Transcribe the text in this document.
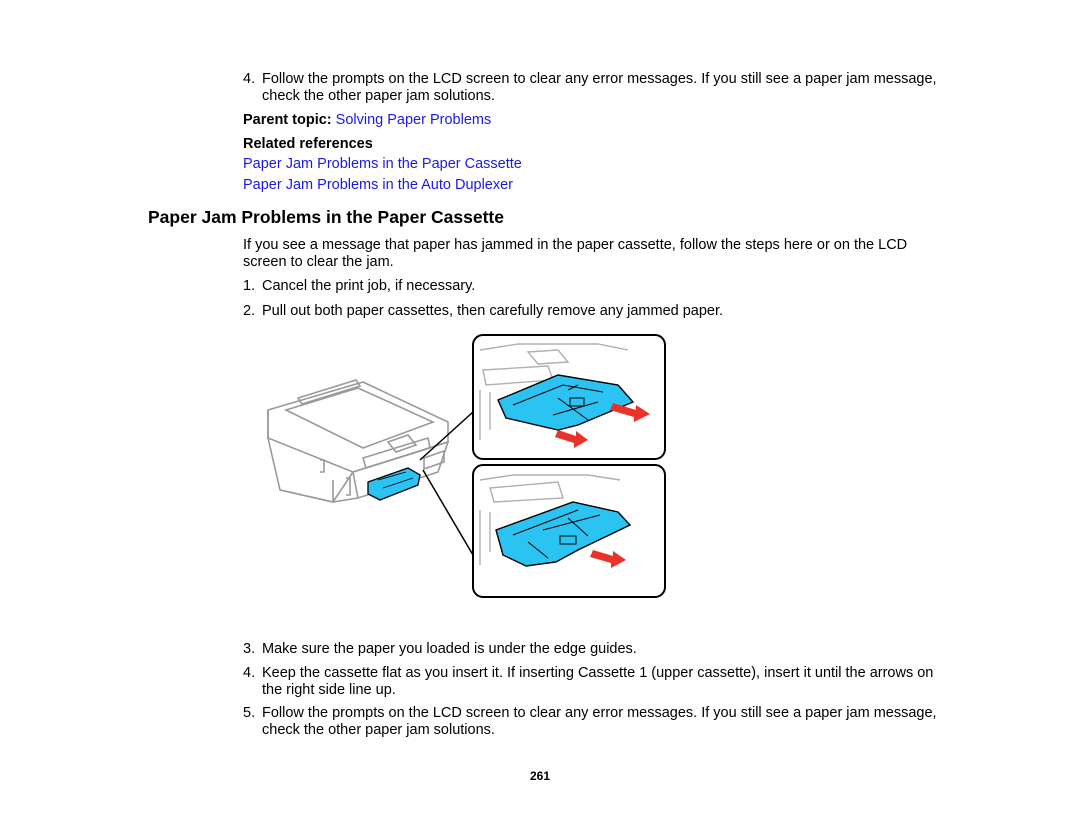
4. Follow the prompts on the LCD screen to clear any error messages. If you still see a paper jam message, check the other paper jam solutions.
Parent topic: Solving Paper Problems
Related references
Paper Jam Problems in the Paper Cassette
Paper Jam Problems in the Auto Duplexer
Paper Jam Problems in the Paper Cassette
If you see a message that paper has jammed in the paper cassette, follow the steps here or on the LCD screen to clear the jam.
1. Cancel the print job, if necessary.
2. Pull out both paper cassettes, then carefully remove any jammed paper.
3. Make sure the paper you loaded is under the edge guides.
4. Keep the cassette flat as you insert it. If inserting Cassette 1 (upper cassette), insert it until the arrows on the right side line up.
5. Follow the prompts on the LCD screen to clear any error messages. If you still see a paper jam message, check the other paper jam solutions.
261
